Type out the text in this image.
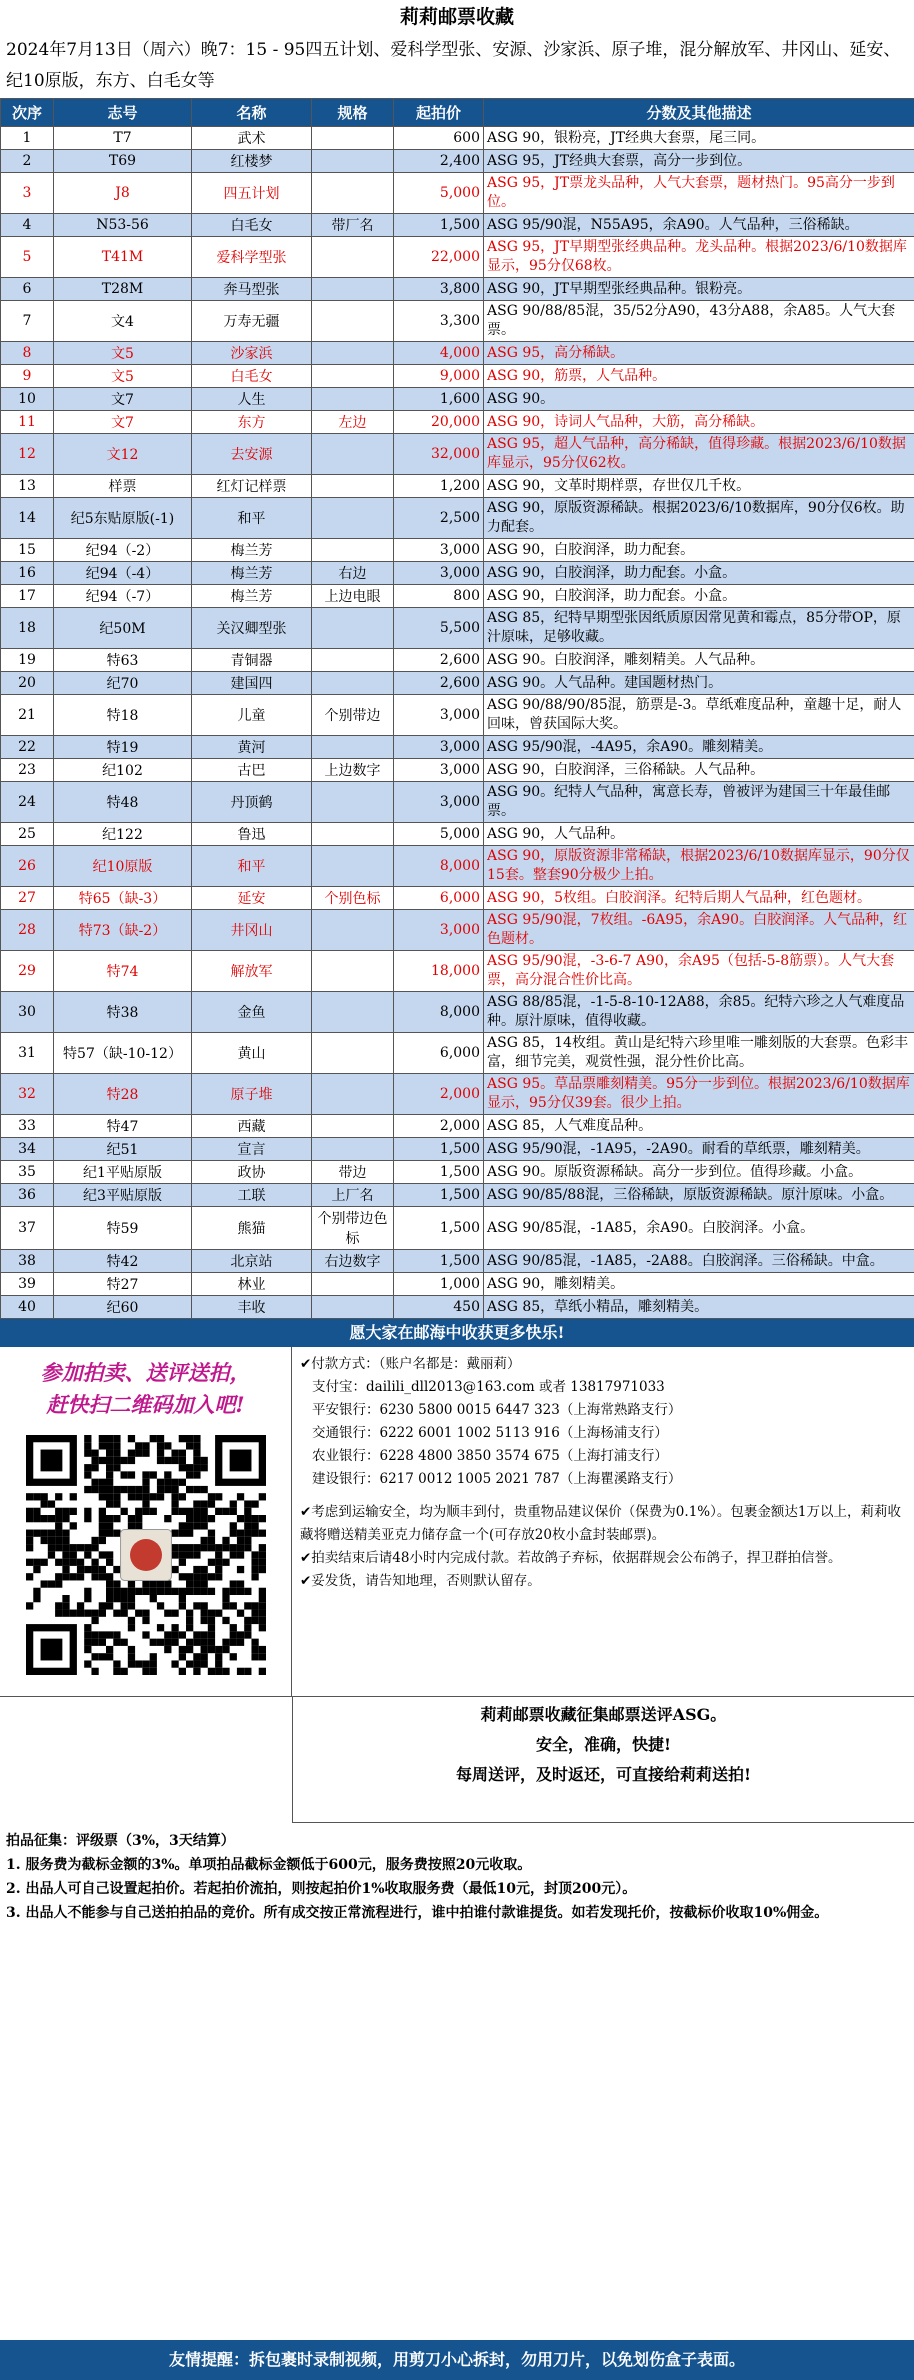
莉莉邮票收藏
2024年7月13日（周六）晚7：15 - 95四五计划、爱科学型张、安源、沙家浜、原子堆，混分解放军、井冈山、延安、纪10原版，东方、白毛女等
次序	志号	名称	规格	起拍价	分数及其他描述
1	T7	武术		600	ASG 90，银粉亮，JT经典大套票，尾三同。
2	T69	红楼梦		2,400	ASG 95，JT经典大套票，高分一步到位。
3	J8	四五计划		5,000	ASG 95，JT票龙头品种，人气大套票，题材热门。95高分一步到位。
4	N53-56	白毛女	带厂名	1,500	ASG 95/90混，N55A95，余A90。人气品种，三俗稀缺。
5	T41M	爱科学型张		22,000	ASG 95，JT早期型张经典品种。龙头品种。根据2023/6/10数据库显示，95分仅68枚。
6	T28M	奔马型张		3,800	ASG 90，JT早期型张经典品种。银粉亮。
7	文4	万寿无疆		3,300	ASG 90/88/85混，35/52分A90，43分A88，余A85。人气大套票。
8	文5	沙家浜		4,000	ASG 95，高分稀缺。
9	文5	白毛女		9,000	ASG 90，筋票，人气品种。
10	文7	人生		1,600	ASG 90。
11	文7	东方	左边	20,000	ASG 90，诗词人气品种，大筋，高分稀缺。
12	文12	去安源		32,000	ASG 95，超人气品种，高分稀缺，值得珍藏。根据2023/6/10数据库显示，95分仅62枚。
13	样票	红灯记样票		1,200	ASG 90，文革时期样票，存世仅几千枚。
14	纪5东贴原版(-1)	和平		2,500	ASG 90，原版资源稀缺。根据2023/6/10数据库，90分仅6枚。助力配套。
15	纪94（-2）	梅兰芳		3,000	ASG 90，白胶润泽，助力配套。
16	纪94（-4）	梅兰芳	右边	3,000	ASG 90，白胶润泽，助力配套。小盒。
17	纪94（-7）	梅兰芳	上边电眼	800	ASG 90，白胶润泽，助力配套。小盒。
18	纪50M	关汉卿型张		5,500	ASG 85，纪特早期型张因纸质原因常见黄和霉点，85分带OP，原汁原味，足够收藏。
19	特63	青铜器		2,600	ASG 90。白胶润泽，雕刻精美。人气品种。
20	纪70	建国四		2,600	ASG 90。人气品种。建国题材热门。
21	特18	儿童	个别带边	3,000	ASG 90/88/90/85混，筋票是-3。草纸难度品种，童趣十足，耐人回味，曾获国际大奖。
22	特19	黄河		3,000	ASG 95/90混，-4A95，余A90。雕刻精美。
23	纪102	古巴	上边数字	3,000	ASG 90，白胶润泽，三俗稀缺。人气品种。
24	特48	丹顶鹤		3,000	ASG 90。纪特人气品种，寓意长寿，曾被评为建国三十年最佳邮票。
25	纪122	鲁迅		5,000	ASG 90，人气品种。
26	纪10原版	和平		8,000	ASG 90，原版资源非常稀缺，根据2023/6/10数据库显示，90分仅15套。整套90分极少上拍。
27	特65（缺-3）	延安	个别色标	6,000	ASG 90，5枚组。白胶润泽。纪特后期人气品种，红色题材。
28	特73（缺-2）	井冈山		3,000	ASG 95/90混，7枚组。-6A95，余A90。白胶润泽。人气品种，红色题材。
29	特74	解放军		18,000	ASG 95/90混，-3-6-7 A90，余A95（包括-5-8筋票）。人气大套票，高分混合性价比高。
30	特38	金鱼		8,000	ASG 88/85混，-1-5-8-10-12A88，余85。纪特六珍之人气难度品种。原汁原味，值得收藏。
31	特57（缺-10-12）	黄山		6,000	ASG 85，14枚组。黄山是纪特六珍里唯一雕刻版的大套票。色彩丰富，细节完美，观赏性强，混分性价比高。
32	特28	原子堆		2,000	ASG 95。草品票雕刻精美。95分一步到位。根据2023/6/10数据库显示，95分仅39套。很少上拍。
33	特47	西藏		2,000	ASG 85，人气难度品种。
34	纪51	宣言		1,500	ASG 95/90混，-1A95，-2A90。耐看的草纸票，雕刻精美。
35	纪1平贴原版	政协	带边	1,500	ASG 90。原版资源稀缺。高分一步到位。值得珍藏。小盒。
36	纪3平贴原版	工联	上厂名	1,500	ASG 90/85/88混，三俗稀缺，原版资源稀缺。原汁原味。小盒。
37	特59	熊猫	个别带边色标	1,500	ASG 90/85混，-1A85，余A90。白胶润泽。小盒。
38	特42	北京站	右边数字	1,500	ASG 90/85混，-1A85，-2A88。白胶润泽。三俗稀缺。中盒。
39	特27	林业		1,000	ASG 90，雕刻精美。
40	纪60	丰收		450	ASG 85，草纸小精品，雕刻精美。
愿大家在邮海中收获更多快乐!
参加拍卖、送评送拍，
赶快扫二维码加入吧!
✔付款方式：（账户名都是：戴丽莉）
支付宝：dailili_dll2013@163.com 或者 13817971033
平安银行：6230 5800 0015 6447 323（上海常熟路支行）
交通银行：6222 6001 1002 5113 916（上海杨浦支行）
农业银行：6228 4800 3850 3574 675（上海打浦支行）
建设银行：6217 0012 1005 2021 787（上海瞿溪路支行）
✔考虑到运输安全，均为顺丰到付，贵重物品建议保价（保费为0.1%）。包裹金额达1万以上，莉莉收藏将赠送精美亚克力储存盒一个(可存放20枚小盒封装邮票)。
✔拍卖结束后请48小时内完成付款。若故鸽子弃标，依据群规会公布鸽子，捍卫群拍信誉。
✔妥发货，请告知地理，否则默认留存。
莉莉邮票收藏征集邮票送评ASG。
安全，准确，快捷!
每周送评，及时返还，可直接给莉莉送拍!
拍品征集：评级票（3%，3天结算）
1. 服务费为截标金额的3%。单项拍品截标金额低于600元，服务费按照20元收取。
2. 出品人可自己设置起拍价。若起拍价流拍，则按起拍价1%收取服务费（最低10元，封顶200元）。
3. 出品人不能参与自己送拍拍品的竞价。所有成交按正常流程进行，谁中拍谁付款谁提货。如若发现托价，按截标价收取10%佣金。
友情提醒：拆包裹时录制视频，用剪刀小心拆封，勿用刀片，以免划伤盒子表面。
